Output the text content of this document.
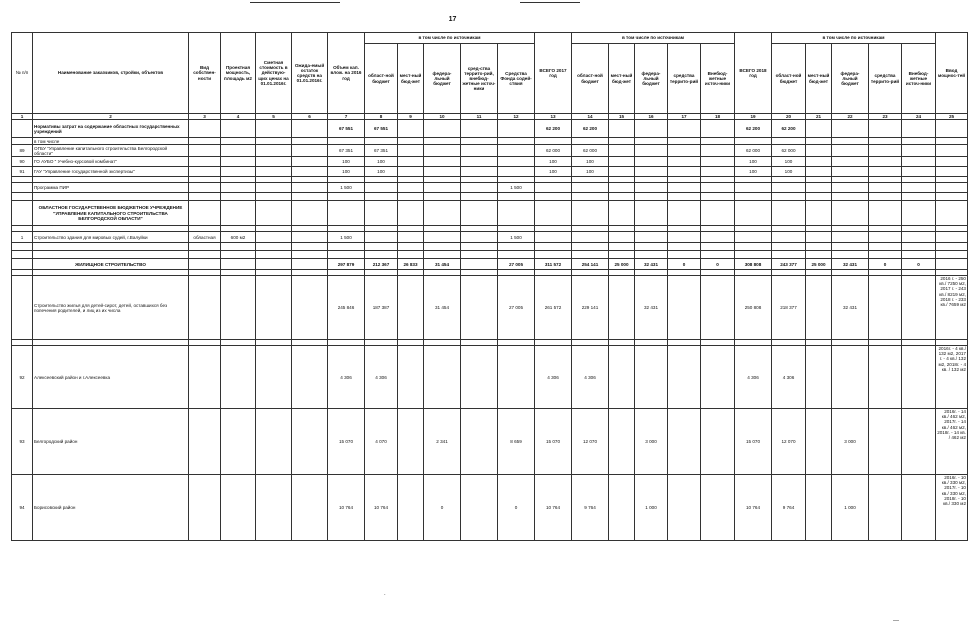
17
№ п/п	Наименование заказчиков, стройки, объектов	Вид собствен-ности	Проектная мощность, площадь м2	Сметная стоимость в действую-щих ценах на 01.01.2016г.	Ожида-емый остаток средств на 01.01.2016г.	Объем кап. влож. на 2016 год	в том числе по источникам					ВСЕГО 2017 год	в том числе по источникам					ВСЕГО 2018 год	в том числе по источникам					Ввод мощнос-тей
							област-ной бюджет	мест-ный бюд-жет	федера-льный бюджет	сред-ства террито-рий, внебюд-жетные источ-ники	Средства Фонда содей-ствия		област-ной бюджет	мест-ный бюд-жет	федера-льный бюджет	средства террито-рий	Внебюд-жетные источ-ники		област-ной бюджет	мест-ный бюд-жет	федера-льный бюджет	средства террито-рий	Внебюд-жетные источ-ники	
1	2	3	4	5	6	7	8	9	10	11	12	13	14	15	16	17	18	19	20	21	22	23	24	25
	Нормативы затрат на содержание областных государственных учреждений					67 551	67 551					62 200	62 200					62 200	62 200					
	в том числе																							
89	ОГБУ "Управление капитального строительства Белгородской области"					67 351	67 351					62 000	62 000					62 000	62 000					
90	ГО АУБО " Учебно-курсовой комбинат"					100	100					100	100					100	100					
91	ГАУ "Управление государственной экспертизы"					100	100					100	100					100	100					

	Программа ПИР					1 500					1 500													

	ОБЛАСТНОЕ ГОСУДАРСТВЕННОЕ БЮДЖЕТНОЕ УЧРЕЖДЕНИЕ "УПРАВЛЕНИЕ КАПИТАЛЬНОГО СТРОИТЕЛЬСТВА БЕЛГОРОДСКОЙ ОБЛАСТИ"																							

1	Строительство здания для мировых судей, г.Валуйки	областная	600 м2			1 500					1 500													

	ЖИЛИЩНОЕ СТРОИТЕЛЬСТВО					297 879	212 367	26 833	31 454		27 005	311 572	254 141	25 000	32 431	0	0	308 808	243 377	25 000	32 431	0	0	

	Строительство жилья для детей-сирот, детей, оставшихся без попечения родителей, и лиц из их числа					245 846	187 387		31 454		27 005	261 572	229 141		32 431			250 808	218 377		32 431			2016 г. - 250 кв./ 7250 м2, 2017 г. - 243 кв./ 8219 м2, 2018 г. - 233 кв./ 7659 м2

92	Алексеевский район и г.Алексеевка					4 306	4 306					4 306	4 306					4 306	4 306					2016г. - 4 кв./ 132 м2, 2017 г. - 4 кв./ 132 м2, 2018г. - 4 кв. / 132 м2
93	Белгородский район					15 070	4 070		2 341		8 659	15 070	12 070		3 000			15 070	12 070		3 000			2016г. - 14 кв./ 462 м2, 2017г. - 14 кв./ 462 м2, 2018г. - 14 кв. / 462 м2
94	Борисовский район					10 764	10 764		0		0	10 764	9 764		1 000			10 764	9 764		1 000			2016г. - 10 кв./ 330 м2, 2017г. - 10 кв./ 330 м2, 2018г. - 10 кв./ 330 м2
.
—
